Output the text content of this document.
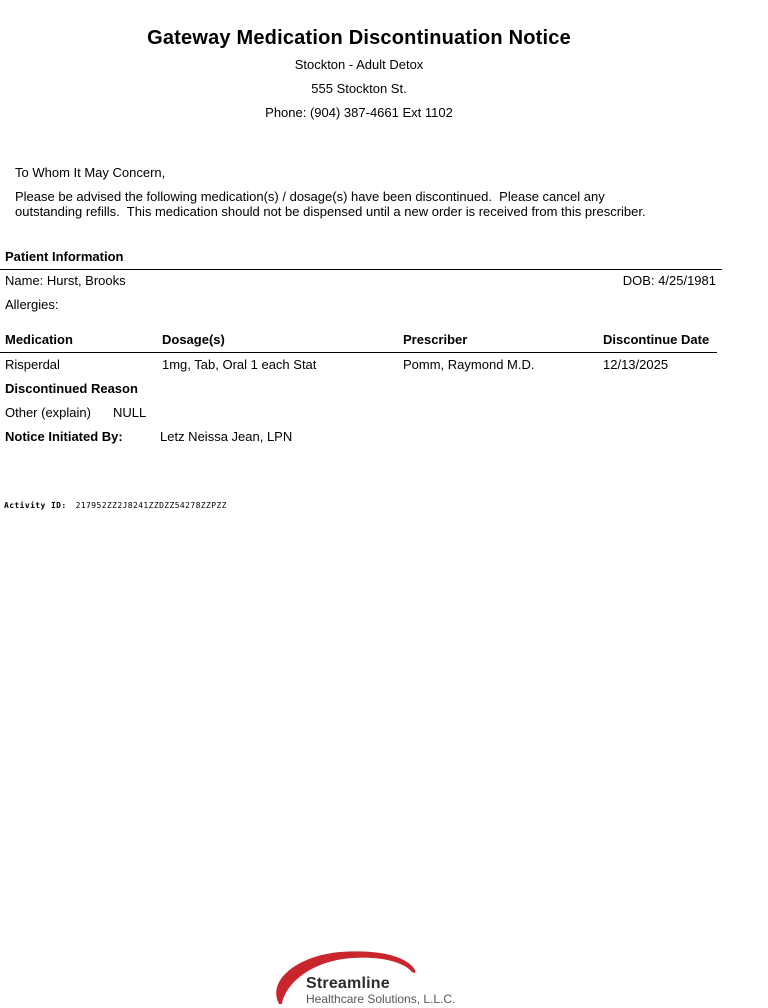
Gateway Medication Discontinuation Notice
Stockton - Adult Detox
555 Stockton St.
Phone: (904) 387-4661 Ext 1102
To Whom It May Concern,
Please be advised the following medication(s) / dosage(s) have been discontinued.  Please cancel any
outstanding refills.  This medication should not be dispensed until a new order is received from this prescriber.
Patient Information
Name: Hurst, Brooks	DOB: 4/25/1981
Allergies:
Medication	Dosage(s)	Prescriber	Discontinue Date
Risperdal	1mg, Tab, Oral 1 each Stat	Pomm, Raymond M.D.	12/13/2025
Discontinued Reason
Other (explain) NULL
Notice Initiated By:	Letz Neissa Jean, LPN
Activity ID: 217952ZZ2J8241ZZDZZ54278ZZPZZ
Streamline
Healthcare Solutions, L.L.C.
